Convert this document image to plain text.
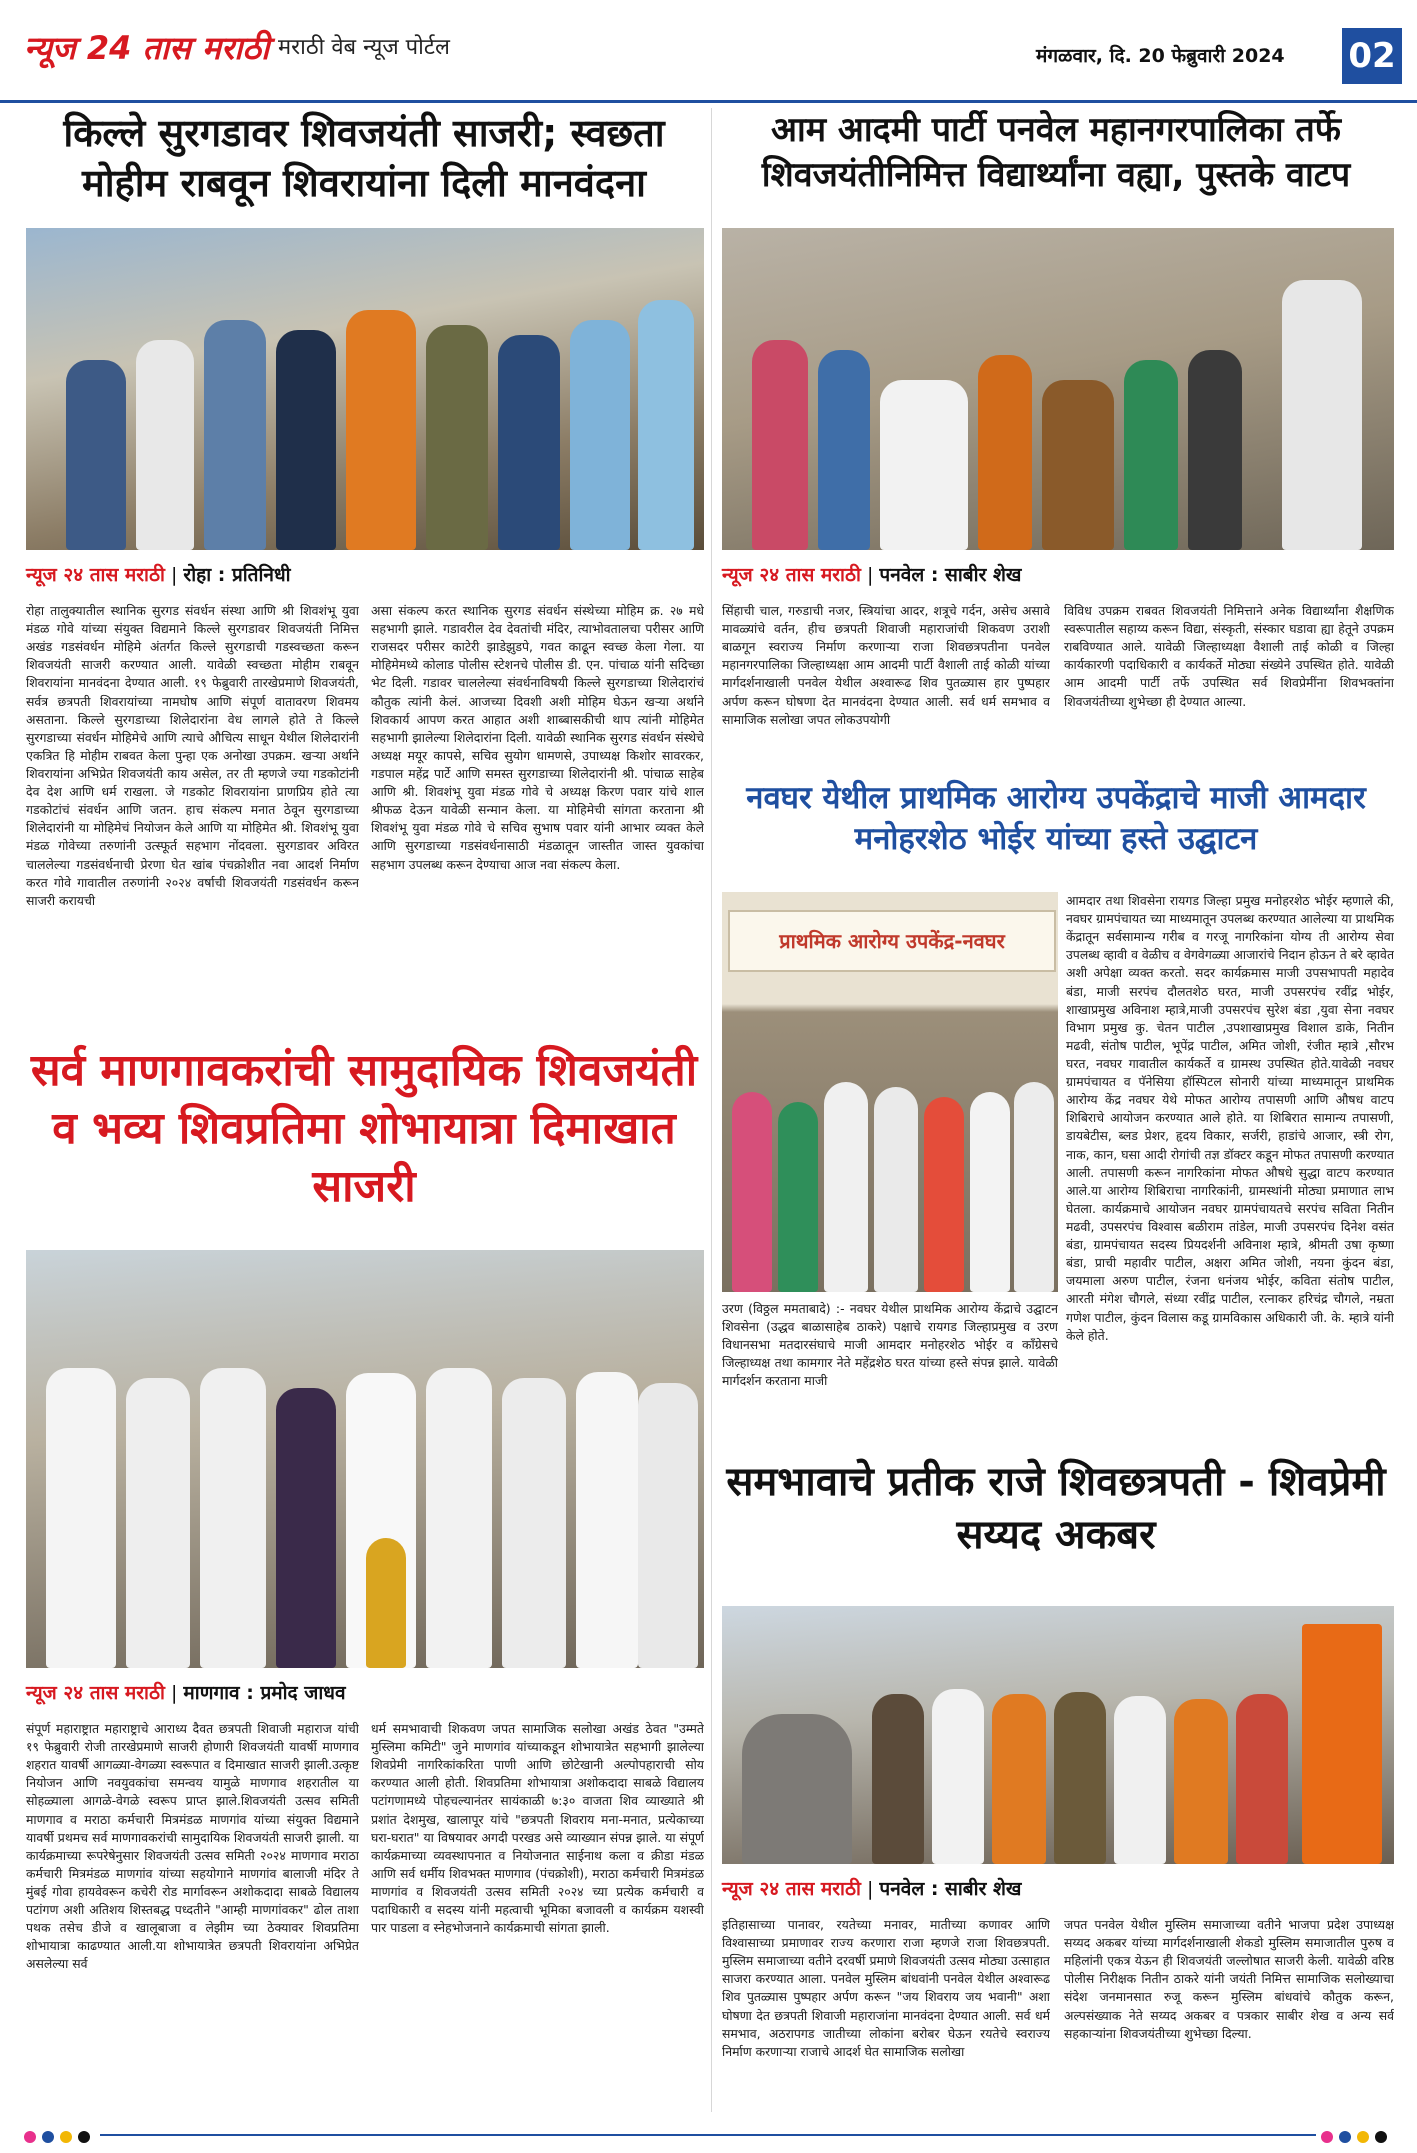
न्यूज 24 तास मराठी मराठी वेब न्यूज पोर्टल	मंगळवार, दि. 20 फेब्रुवारी 2024 02
किल्ले सुरगडावर शिवजयंती साजरी; स्वछता मोहीम राबवून शिवरायांना दिली मानवंदना
न्यूज २४ तास मराठी | रोहा : प्रतिनिधी
रोहा तालुक्यातील स्थानिक सुरगड संवर्धन संस्था आणि श्री शिवशंभू युवा मंडळ गोवे यांच्या संयुक्त विद्यमाने किल्ले सुरगडावर शिवजयंती निमित्त अखंड गडसंवर्धन मोहिमे अंतर्गत किल्ले सुरगडाची गडस्वच्छता करून शिवजयंती साजरी करण्यात आली. यावेळी स्वच्छता मोहीम राबवून शिवरायांना मानवंदना देण्यात आली. १९ फेब्रुवारी तारखेप्रमाणे शिवजयंती, सर्वत्र छत्रपती शिवरायांच्या नामघोष आणि संपूर्ण वातावरण शिवमय असताना. किल्ले सुरगडाच्या शिलेदारांना वेध लागले होते ते किल्ले सुरगडाच्या संवर्धन मोहिमेचे आणि त्याचे औचित्य साधून येथील शिलेदारांनी एकत्रित हि मोहीम राबवत केला पुन्हा एक अनोखा उपक्रम. खऱ्या अर्थाने शिवरायांना अभिप्रेत शिवजयंती काय असेल, तर ती म्हणजे ज्या गडकोटांनी देव देश आणि धर्म राखला. जे गडकोट शिवरायांना प्राणप्रिय होते त्या गडकोटांचं संवर्धन आणि जतन. हाच संकल्प मनात ठेवून सुरगडाच्या शिलेदारांनी या मोहिमेचं नियोजन केले आणि या मोहिमेत श्री. शिवशंभू युवा मंडळ गोवेच्या तरुणांनी उत्स्फूर्त सहभाग नोंदवला. सुरगडावर अविरत चाललेल्या गडसंवर्धनाची प्रेरणा घेत खांब पंचक्रोशीत नवा आदर्श निर्माण करत गोवे गावातील तरुणांनी २०२४ वर्षाची शिवजयंती गडसंवर्धन करून साजरी करायची
असा संकल्प करत स्थानिक सुरगड संवर्धन संस्थेच्या मोहिम क्र. २७ मधे सहभागी झाले. गडावरील देव देवतांची मंदिर, त्याभोवतालचा परीसर आणि राजसदर परीसर काटेरी झाडेझुडपे, गवत काढून स्वच्छ केला गेला. या मोहिमेमध्ये कोलाड पोलीस स्टेशनचे पोलीस डी. एन. पांचाळ यांनी सदिच्छा भेट दिली. गडावर चाललेल्या संवर्धनाविषयी किल्ले सुरगडाच्या शिलेदारांचं कौतुक त्यांनी केलं. आजच्या दिवशी अशी मोहिम घेऊन खऱ्या अर्थाने शिवकार्य आपण करत आहात अशी शाब्बासकीची थाप त्यांनी मोहिमेत सहभागी झालेल्या शिलेदारांना दिली. यावेळी स्थानिक सुरगड संवर्धन संस्थेचे अध्यक्ष मयूर कापसे, सचिव सुयोग धामणसे, उपाध्यक्ष किशोर सावरकर, गडपाल महेंद्र पार्टे आणि समस्त सुरगडाच्या शिलेदारांनी श्री. पांचाळ साहेब आणि श्री. शिवशंभू युवा मंडळ गोवे चे अध्यक्ष किरण पवार यांचे शाल श्रीफळ देऊन यावेळी सन्मान केला. या मोहिमेची सांगता करताना श्री शिवशंभू युवा मंडळ गोवे चे सचिव सुभाष पवार यांनी आभार व्यक्त केले आणि सुरगडाच्या गडसंवर्धनासाठी मंडळातून जास्तीत जास्त युवकांचा सहभाग उपलब्ध करून देण्याचा आज नवा संकल्प केला.
सर्व माणगावकरांची सामुदायिक शिवजयंती व भव्य शिवप्रतिमा शोभायात्रा दिमाखात साजरी
न्यूज २४ तास मराठी | माणगाव : प्रमोद जाधव
संपूर्ण महाराष्ट्रात महाराष्ट्राचे आराध्य दैवत छत्रपती शिवाजी महाराज यांची १९ फेब्रुवारी रोजी तारखेप्रमाणे साजरी होणारी शिवजयंती यावर्षी माणगाव शहरात यावर्षी आगळ्या-वेगळ्या स्वरूपात व दिमाखात साजरी झाली.उत्कृष्ट नियोजन आणि नवयुवकांचा समन्वय यामुळे माणगाव शहरातील या सोहळ्याला आगळे-वेगळे स्वरूप प्राप्त झाले.शिवजयंती उत्सव समिती माणगाव व मराठा कर्मचारी मित्रमंडळ माणगांव यांच्या संयुक्त विद्यमाने यावर्षी प्रथमच सर्व माणगावकरांची सामुदायिक शिवजयंती साजरी झाली. या कार्यक्रमाच्या रूपरेषेनुसार शिवजयंती उत्सव समिती २०२४ माणगाव मराठा कर्मचारी मित्रमंडळ माणगांव यांच्या सहयोगाने माणगांव बालाजी मंदिर ते मुंबई गोवा हायवेवरून कचेरी रोड मार्गावरून अशोकदादा साबळे विद्यालय पटांगण अशी अतिशय शिस्तबद्ध पध्दतीने "आम्ही माणगांवकर" ढोल ताशा पथक तसेच डीजे व खालूबाजा व लेझीम च्या ठेक्यावर शिवप्रतिमा शोभायात्रा काढण्यात आली.या शोभायात्रेत छत्रपती शिवरायांना अभिप्रेत असलेल्या सर्व
धर्म समभावाची शिकवण जपत सामाजिक सलोखा अखंड ठेवत "उम्मते मुस्लिमा कमिटी" जुने माणगांव यांच्याकडून शोभायात्रेत सहभागी झालेल्या शिवप्रेमी नागरिकांकरिता पाणी आणि छोटेखानी अल्पोपहाराची सोय करण्यात आली होती. शिवप्रतिमा शोभायात्रा अशोकदादा साबळे विद्यालय पटांगणामध्ये पोहचल्यानंतर सायंकाळी ७:३० वाजता शिव व्याख्याते श्री प्रशांत देशमुख, खालापूर यांचे "छत्रपती शिवराय मना-मनात, प्रत्येकाच्या घरा-घरात" या विषयावर अगदी परखड असे व्याख्यान संपन्न झाले. या संपूर्ण कार्यक्रमाच्या व्यवस्थापनात व नियोजनात साईनाथ कला व क्रीडा मंडळ आणि सर्व धर्मीय शिवभक्त माणगाव (पंचक्रोशी), मराठा कर्मचारी मित्रमंडळ माणगांव व शिवजयंती उत्सव समिती २०२४ च्या प्रत्येक कर्मचारी व पदाधिकारी व सदस्य यांनी महत्वाची भूमिका बजावली व कार्यक्रम यशस्वी पार पाडला व स्नेहभोजनाने कार्यक्रमाची सांगता झाली.
आम आदमी पार्टी पनवेल महानगरपालिका तर्फे शिवजयंतीनिमित्त विद्यार्थ्यांना वह्या, पुस्तके वाटप
न्यूज २४ तास मराठी | पनवेल : साबीर शेख
सिंहाची चाल, गरुडाची नजर, स्त्रियांचा आदर, शत्रूचे गर्दन, असेच असावे मावळ्यांचे वर्तन, हीच छत्रपती शिवाजी महाराजांची शिकवण उराशी बाळगून स्वराज्य निर्माण करणाऱ्या राजा शिवछत्रपतीना पनवेल महानगरपालिका जिल्हाध्यक्षा आम आदमी पार्टी वैशाली ताई कोळी यांच्या मार्गदर्शनाखाली पनवेल येथील अश्वारूढ शिव पुतळ्यास हार पुष्पहार अर्पण करून घोषणा देत मानवंदना देण्यात आली. सर्व धर्म समभाव व सामाजिक सलोखा जपत लोकउपयोगी
विविध उपक्रम राबवत शिवजयंती निमित्ताने अनेक विद्यार्थ्यांना शैक्षणिक स्वरूपातील सहाय्य करून विद्या, संस्कृती, संस्कार घडावा ह्या हेतूने उपक्रम राबविण्यात आले. यावेळी जिल्हाध्यक्षा वैशाली ताई कोळी व जिल्हा कार्यकारणी पदाधिकारी व कार्यकर्ते मोठ्या संख्येने उपस्थित होते. यावेळी आम आदमी पार्टी तर्फे उपस्थित सर्व शिवप्रेमींना शिवभक्तांना शिवजयंतीच्या शुभेच्छा ही देण्यात आल्या.
नवघर येथील प्राथमिक आरोग्य उपकेंद्राचे माजी आमदार मनोहरशेठ भोईर यांच्या हस्ते उद्घाटन
प्राथमिक आरोग्य उपकेंद्र-नवघर
उरण (विठ्ठल ममताबादे) :- नवघर येथील प्राथमिक आरोग्य केंद्राचे उद्घाटन शिवसेना (उद्धव बाळासाहेब ठाकरे) पक्षाचे रायगड जिल्हाप्रमुख व उरण विधानसभा मतदारसंघाचे माजी आमदार मनोहरशेठ भोईर व कॉंग्रेसचे जिल्हाध्यक्ष तथा कामगार नेते महेंद्रशेठ घरत यांच्या हस्ते संपन्न झाले. यावेळी मार्गदर्शन करताना माजी
आमदार तथा शिवसेना रायगड जिल्हा प्रमुख मनोहरशेठ भोईर म्हणाले की, नवघर ग्रामपंचायत च्या माध्यमातून उपलब्ध करण्यात आलेल्या या प्राथमिक केंद्रातून सर्वसामान्य गरीब व गरजू नागरिकांना योग्य ती आरोग्य सेवा उपलब्ध व्हावी व वेळीच व वेगवेगळ्या आजारांचे निदान होऊन ते बरे व्हावेत अशी अपेक्षा व्यक्त करतो. सदर कार्यक्रमास माजी उपसभापती महादेव बंडा, माजी सरपंच दौलतशेठ घरत, माजी उपसरपंच रवींद्र भोईर, शाखाप्रमुख अविनाश म्हात्रे,माजी उपसरपंच सुरेश बंडा ,युवा सेना नवघर विभाग प्रमुख कु. चेतन पाटील ,उपशाखाप्रमुख विशाल डाके, नितीन मढवी, संतोष पाटील, भूपेंद्र पाटील, अमित जोशी, रंजीत म्हात्रे ,सौरभ घरत, नवघर गावातील कार्यकर्ते व ग्रामस्थ उपस्थित होते.यावेळी नवघर ग्रामपंचायत व पॅनेसिया हॉस्पिटल सोनारी यांच्या माध्यमातून प्राथमिक आरोग्य केंद्र नवघर येथे मोफत आरोग्य तपासणी आणि औषध वाटप शिबिराचे आयोजन करण्यात आले होते. या शिबिरात सामान्य तपासणी, डायबेटीस, ब्लड प्रेशर, हृदय विकार, सर्जरी, हाडांचे आजार, स्त्री रोग, नाक, कान, घसा आदी रोगांची तज्ञ डॉक्टर कडून मोफत तपासणी करण्यात आली. तपासणी करून नागरिकांना मोफत औषधे सुद्धा वाटप करण्यात आले.या आरोग्य शिबिराचा नागरिकांनी, ग्रामस्थांनी मोठ्या प्रमाणात लाभ घेतला. कार्यक्रमाचे आयोजन नवघर ग्रामपंचायतचे सरपंच सविता नितीन मढवी, उपसरपंच विश्वास बळीराम तांडेल, माजी उपसरपंच दिनेश वसंत बंडा, ग्रामपंचायत सदस्य प्रियदर्शनी अविनाश म्हात्रे, श्रीमती उषा कृष्णा बंडा, प्राची महावीर पाटील, अक्षरा अमित जोशी, नयना कुंदन बंडा, जयमाला अरुण पाटील, रंजना धनंजय भोईर, कविता संतोष पाटील, आरती मंगेश चौगले, संध्या रवींद्र पाटील, रत्नाकर हरिचंद्र चौगले, नम्रता गणेश पाटील, कुंदन विलास कडू ग्रामविकास अधिकारी जी. के. म्हात्रे यांनी केले होते.
समभावाचे प्रतीक राजे शिवछत्रपती - शिवप्रेमी सय्यद अकबर
न्यूज २४ तास मराठी | पनवेल : साबीर शेख
इतिहासाच्या पानावर, रयतेच्या मनावर, मातीच्या कणावर आणि विश्वासाच्या प्रमाणावर राज्य करणारा राजा म्हणजे राजा शिवछत्रपती. मुस्लिम समाजाच्या वतीने दरवर्षी प्रमाणे शिवजयंती उत्सव मोठ्या उत्साहात साजरा करण्यात आला. पनवेल मुस्लिम बांधवांनी पनवेल येथील अश्वारूढ शिव पुतळ्यास पुष्पहार अर्पण करून "जय शिवराय जय भवानी" अशा घोषणा देत छत्रपती शिवाजी महाराजांना मानवंदना देण्यात आली. सर्व धर्म समभाव, अठरापगड जातीच्या लोकांना बरोबर घेऊन रयतेचे स्वराज्य निर्माण करणाऱ्या राजाचे आदर्श घेत सामाजिक सलोखा
जपत पनवेल येथील मुस्लिम समाजाच्या वतीने भाजपा प्रदेश उपाध्यक्ष सय्यद अकबर यांच्या मार्गदर्शनाखाली शेकडो मुस्लिम समाजातील पुरुष व महिलांनी एकत्र येऊन ही शिवजयंती जल्लोषात साजरी केली. यावेळी वरिष्ठ पोलीस निरीक्षक नितीन ठाकरे यांनी जयंती निमित्त सामाजिक सलोख्याचा संदेश जनमानसात रुजू करून मुस्लिम बांधवांचे कौतुक करून, अल्पसंख्याक नेते सय्यद अकबर व पत्रकार साबीर शेख व अन्य सर्व सहकाऱ्यांना शिवजयंतीच्या शुभेच्छा दिल्या.
